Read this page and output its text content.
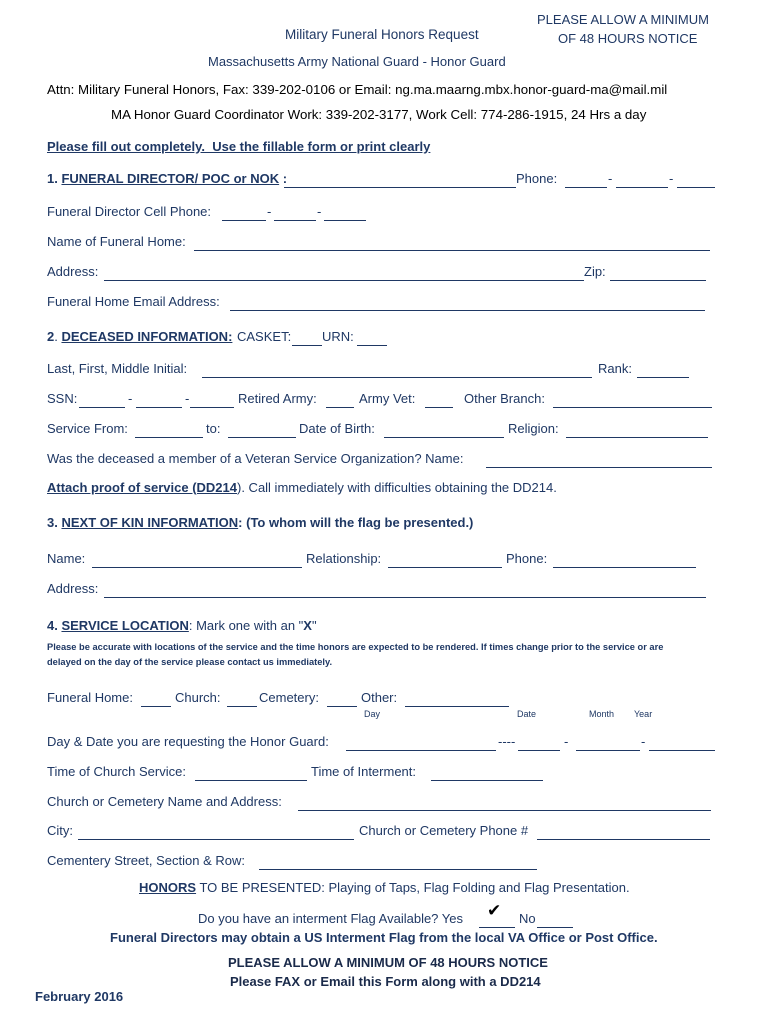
Military Funeral Honors Request
PLEASE ALLOW A MINIMUM
OF 48 HOURS NOTICE
Massachusetts Army National Guard - Honor Guard
Attn: Military Funeral Honors, Fax: 339-202-0106 or Email: ng.ma.maarng.mbx.honor-guard-ma@mail.mil
MA Honor Guard Coordinator Work: 339-202-3177, Work Cell: 774-286-1915, 24 Hrs a day
Please fill out completely.  Use the fillable form or print clearly
1. FUNERAL DIRECTOR/ POC or NOK :	Phone:	-	-
Funeral Director Cell Phone:	-	-
Name of Funeral Home:
Address:	Zip:
Funeral Home Email Address:
2. DECEASED INFORMATION: CASKET: URN:
Last, First, Middle Initial:	Rank:
SSN:	-	-	Retired Army:	Army Vet:	Other Branch:
Service From:	to:	Date of Birth:	Religion:
Was the deceased a member of a Veteran Service Organization? Name:
Attach proof of service (DD214). Call immediately with difficulties obtaining the DD214.
3. NEXT OF KIN INFORMATION: (To whom will the flag be presented.)
Name:	Relationship:	Phone:
Address:
4. SERVICE LOCATION: Mark one with an "X"
Please be accurate with locations of the service and the time honors are expected to be rendered. If times change prior to the service or are
delayed on the day of the service please contact us immediately.
Funeral Home:	Church:	Cemetery:	Other:
Day	Date	Month Year
Day & Date you are requesting the Honor Guard:	----	-	-
Time of Church Service:	Time of Interment:
Church or Cemetery Name and Address:
City:	Church or Cemetery Phone #
Cementery Street, Section & Row:
HONORS TO BE PRESENTED: Playing of Taps, Flag Folding and Flag Presentation.
Do you have an interment Flag Available? Yes ✔ No
Funeral Directors may obtain a US Interment Flag from the local VA Office or Post Office.
PLEASE ALLOW A MINIMUM OF 48 HOURS NOTICE
Please FAX or Email this Form along with a DD214
February 2016
